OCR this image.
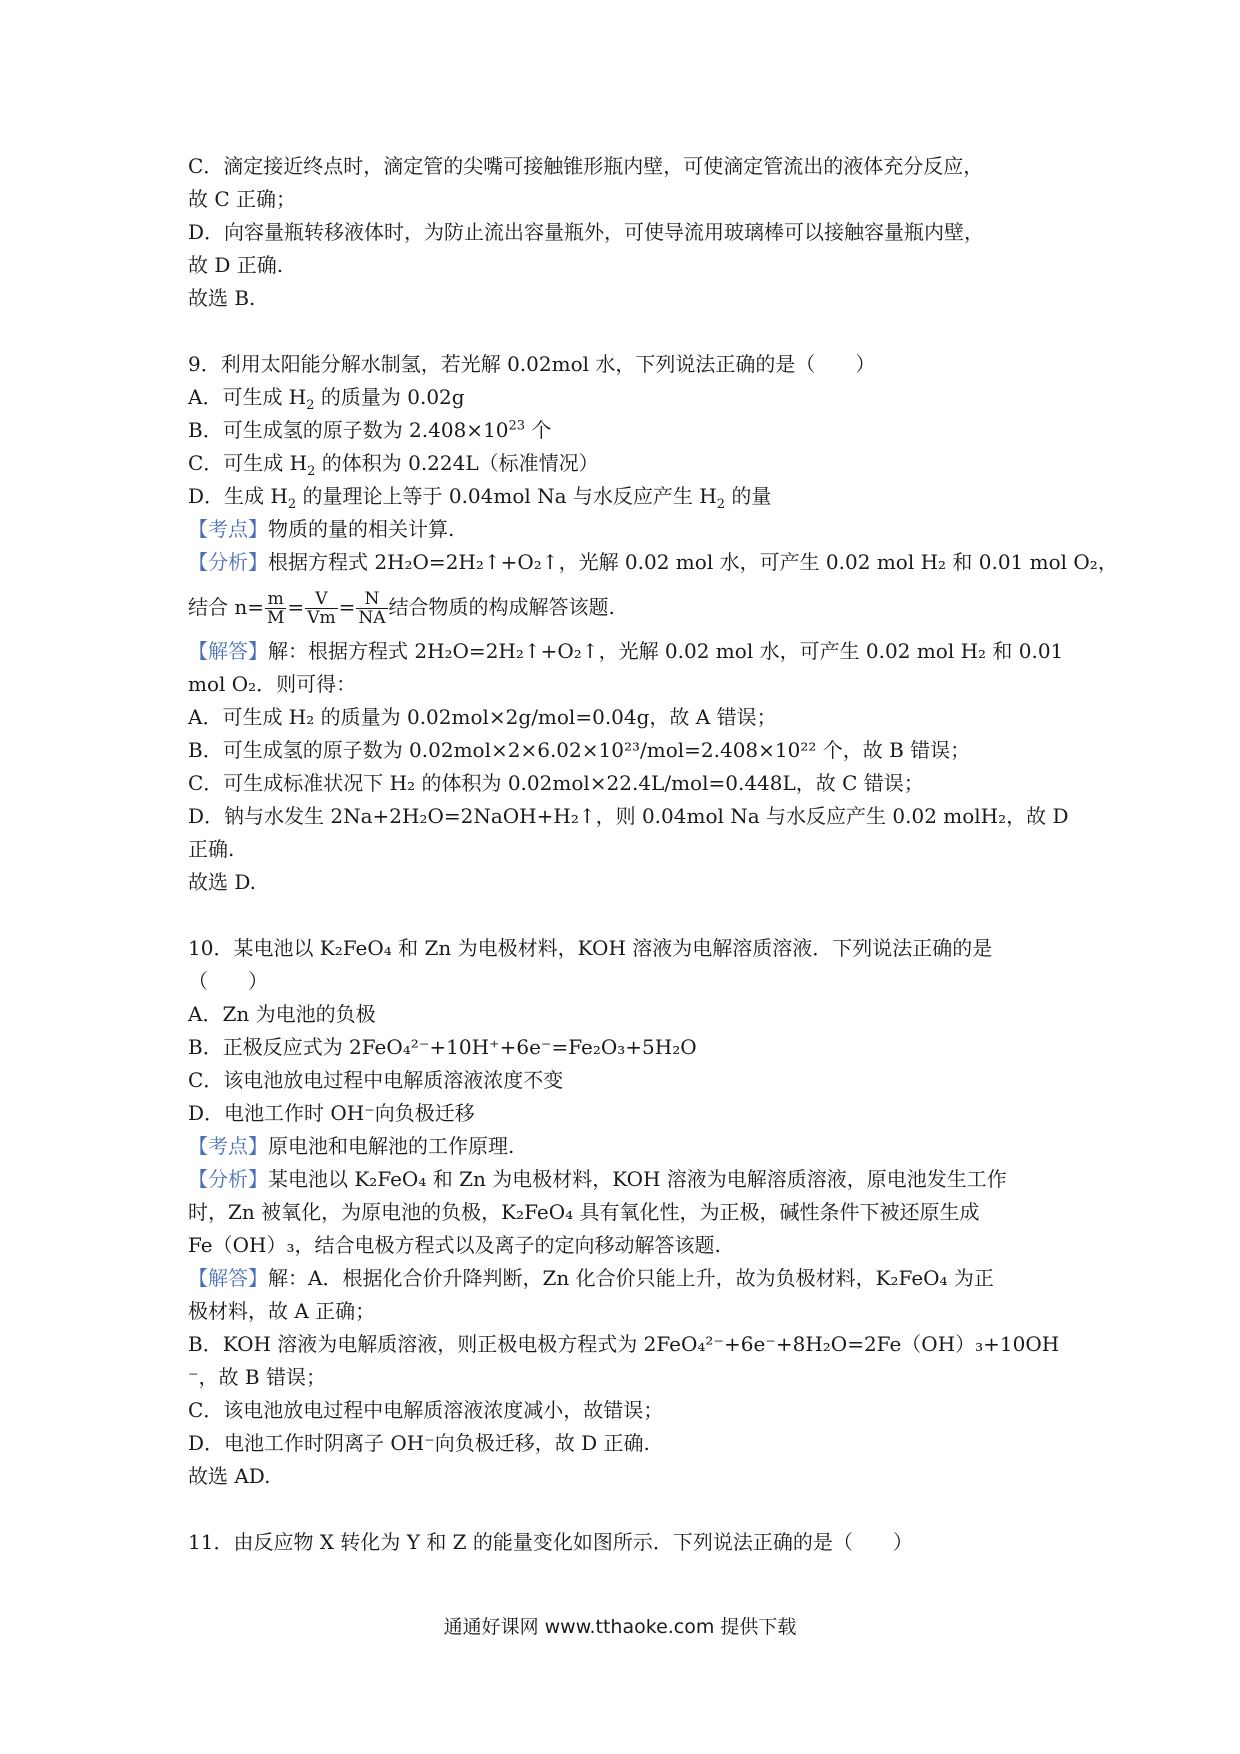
C．滴定接近终点时，滴定管的尖嘴可接触锥形瓶内壁，可使滴定管流出的液体充分反应，
故 C 正确；
D．向容量瓶转移液体时，为防止流出容量瓶外，可使导流用玻璃棒可以接触容量瓶内壁，
故 D 正确.
故选 B.
9．利用太阳能分解水制氢，若光解 0.02mol 水，下列说法正确的是（　　）
A．可生成 $H_2$ 的质量为 0.02g
B．可生成氢的原子数为 $2.408\times 10^{23}$ 个
C．可生成 $H_2$ 的体积为 0.224L（标准情况）
D．生成 $H_2$ 的量理论上等于 0.04mol Na 与水反应产生 $H_2$ 的量
【考点】物质的量的相关计算.
【分析】根据方程式 2H₂O=2H₂↑+O₂↑，光解 0.02 mol 水，可产生 0.02 mol H₂ 和 0.01 mol O₂，
结合 $n= \frac{m}{M} = \frac{V}{Vm} = \frac{N}{NA}$ 结合物质的构成解答该题.
【解答】解：根据方程式 2H₂O=2H₂↑+O₂↑，光解 0.02 mol 水，可产生 0.02 mol H₂ 和 0.01
mol O₂．则可得：
A．可生成 H₂ 的质量为 0.02mol×2g/mol=0.04g，故 A 错误；
B．可生成氢的原子数为 0.02mol×2×6.02×10²³/mol=2.408×10²² 个，故 B 错误；
C．可生成标准状况下 H₂ 的体积为 0.02mol×22.4L/mol=0.448L，故 C 错误；
D．钠与水发生 2Na+2H₂O=2NaOH+H₂↑，则 0.04mol Na 与水反应产生 0.02 molH₂，故 D
正确.
故选 D.
10．某电池以 K₂FeO₄ 和 Zn 为电极材料，KOH 溶液为电解溶质溶液．下列说法正确的是
（　　）
A．Zn 为电池的负极
B．正极反应式为 2FeO₄²⁻+10H⁺+6e⁻=Fe₂O₃+5H₂O
C．该电池放电过程中电解质溶液浓度不变
D．电池工作时 OH⁻向负极迁移
【考点】原电池和电解池的工作原理.
【分析】某电池以 K₂FeO₄ 和 Zn 为电极材料，KOH 溶液为电解溶质溶液，原电池发生工作
时，Zn 被氧化，为原电池的负极，K₂FeO₄ 具有氧化性，为正极，碱性条件下被还原生成
Fe（OH）₃，结合电极方程式以及离子的定向移动解答该题.
【解答】解：A．根据化合价升降判断，Zn 化合价只能上升，故为负极材料，K₂FeO₄ 为正
极材料，故 A 正确；
B．KOH 溶液为电解质溶液，则正极电极方程式为 2FeO₄²⁻+6e⁻+8H₂O=2Fe（OH）₃+10OH
⁻，故 B 错误；
C．该电池放电过程中电解质溶液浓度减小，故错误；
D．电池工作时阴离子 OH⁻向负极迁移，故 D 正确.
故选 AD.
11．由反应物 X 转化为 Y 和 Z 的能量变化如图所示．下列说法正确的是（　　）
通通好课网 www.tthaoke.com 提供下载
